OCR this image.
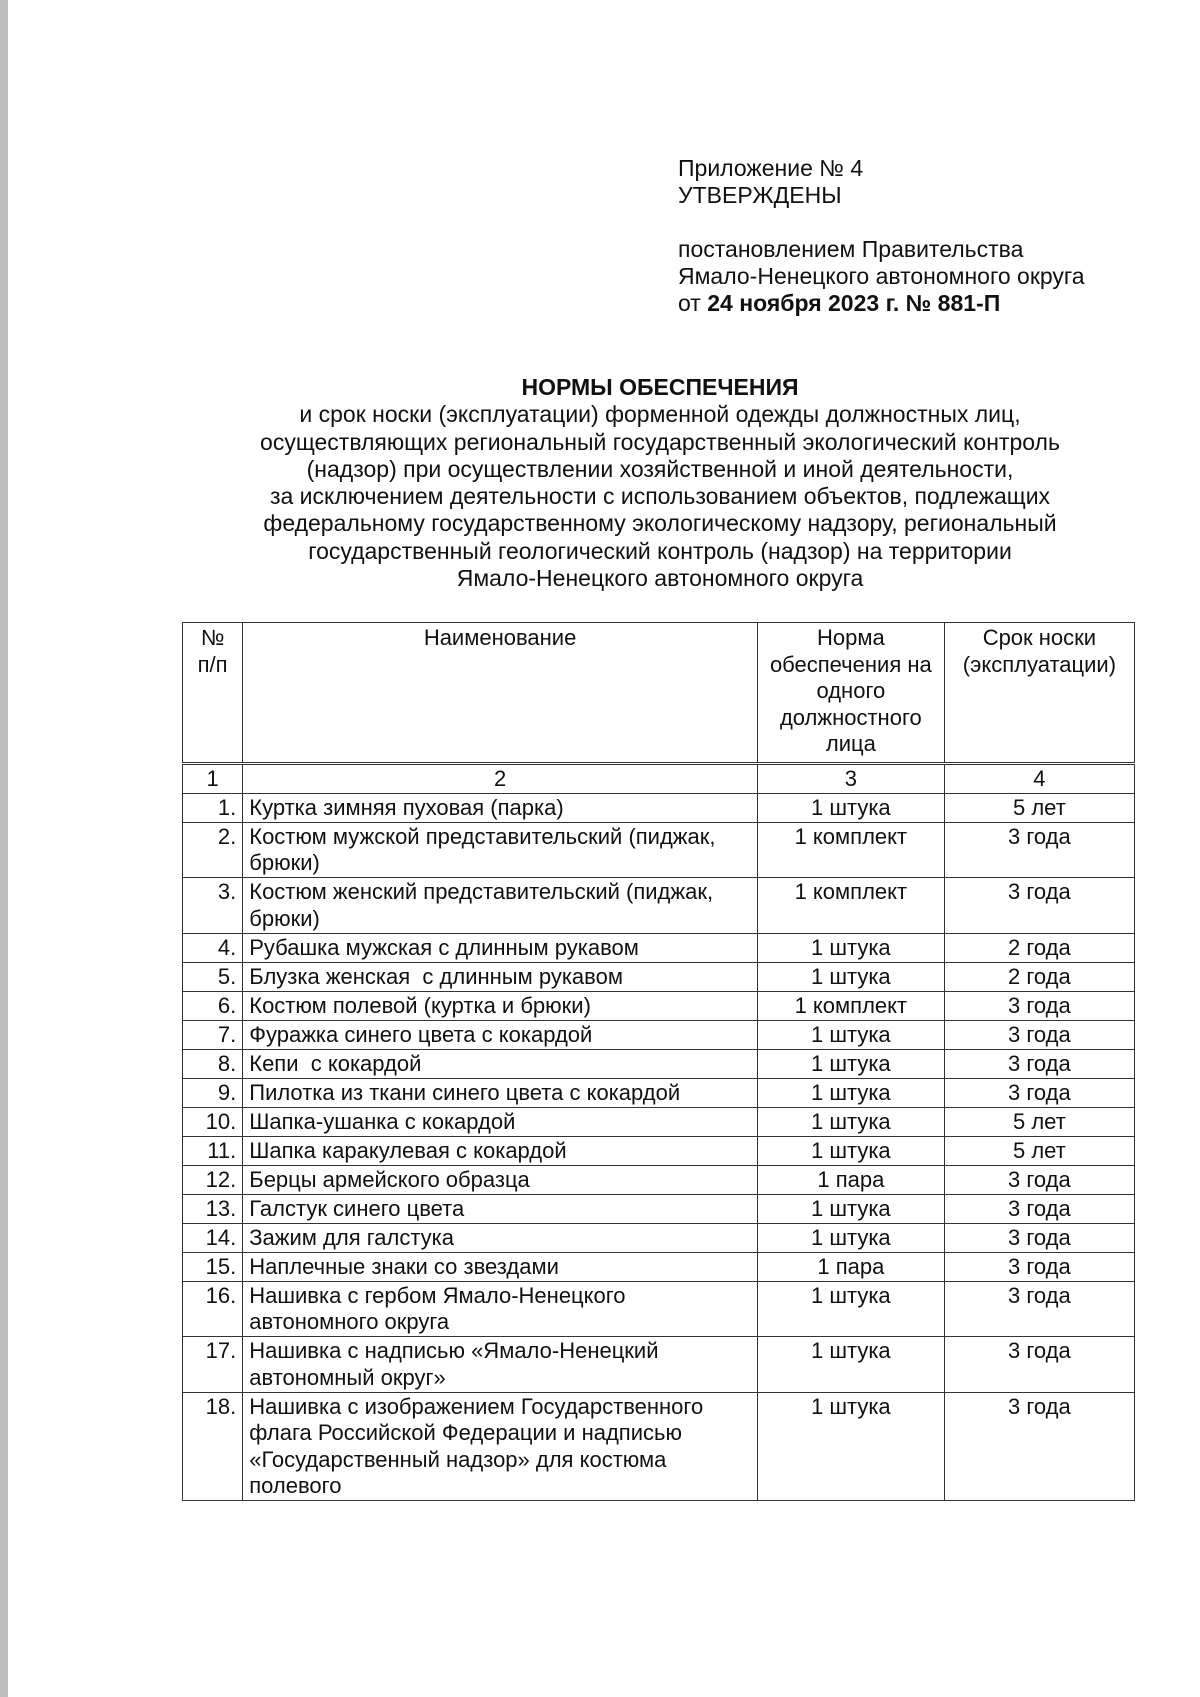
Приложение № 4
УТВЕРЖДЕНЫ
постановлением Правительства
Ямало-Ненецкого автономного округа
от 24 ноября 2023 г. № 881-П
НОРМЫ ОБЕСПЕЧЕНИЯ
и срок носки (эксплуатации) форменной одежды должностных лиц,
осуществляющих региональный государственный экологический контроль
(надзор) при осуществлении хозяйственной и иной деятельности,
за исключением деятельности с использованием объектов, подлежащих
федеральному государственному экологическому надзору, региональный
государственный геологический контроль (надзор) на территории
Ямало-Ненецкого автономного округа
№ п/п	Наименование	Норма обеспечения на одного должностного лица	Срок носки (эксплуатации)
1	2	3	4
1.	Куртка зимняя пуховая (парка)	1 штука	5 лет
2.	Костюм мужской представительский (пиджак, брюки)	1 комплект	3 года
3.	Костюм женский представительский (пиджак, брюки)	1 комплект	3 года
4.	Рубашка мужская с длинным рукавом	1 штука	2 года
5.	Блузка женская  с длинным рукавом	1 штука	2 года
6.	Костюм полевой (куртка и брюки)	1 комплект	3 года
7.	Фуражка синего цвета с кокардой	1 штука	3 года
8.	Кепи  с кокардой	1 штука	3 года
9.	Пилотка из ткани синего цвета с кокардой	1 штука	3 года
10.	Шапка-ушанка с кокардой	1 штука	5 лет
11.	Шапка каракулевая с кокардой	1 штука	5 лет
12.	Берцы армейского образца	1 пара	3 года
13.	Галстук синего цвета	1 штука	3 года
14.	Зажим для галстука	1 штука	3 года
15.	Наплечные знаки со звездами	1 пара	3 года
16.	Нашивка с гербом Ямало-Ненецкого автономного округа	1 штука	3 года
17.	Нашивка с надписью «Ямало-Ненецкий автономный округ»	1 штука	3 года
18.	Нашивка с изображением Государственного флага Российской Федерации и надписью «Государственный надзор» для костюма полевого	1 штука	3 года
